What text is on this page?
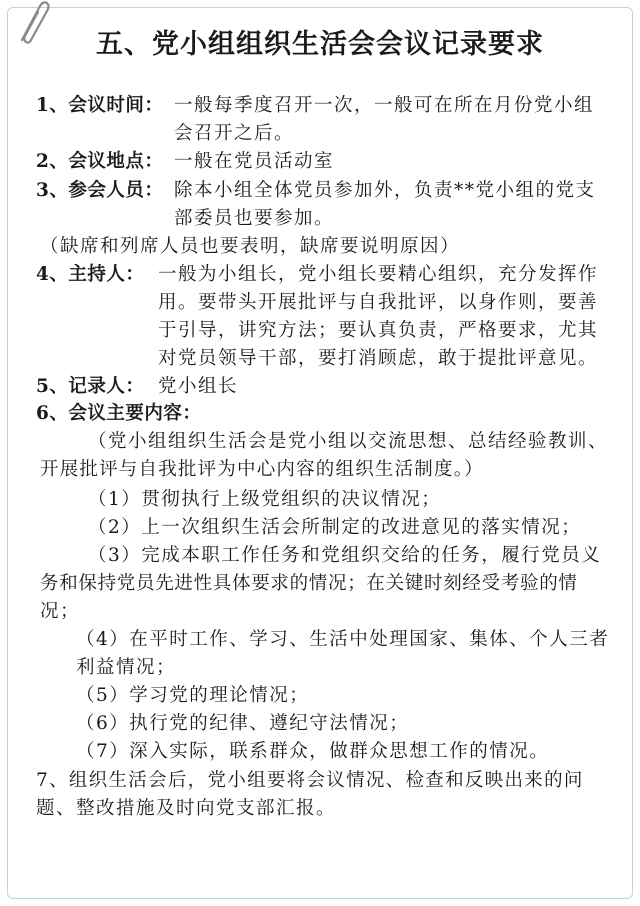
五、党小组组织生活会会议记录要求
1、会议时间： 一般每季度召开一次，一般可在所在月份党小组
会召开之后。
2、会议地点： 一般在党员活动室
3、参会人员： 除本小组全体党员参加外，负责**党小组的党支
部委员也要参加。
（缺席和列席人员也要表明，缺席要说明原因）
4、主持人： 一般为小组长，党小组长要精心组织，充分发挥作
用。要带头开展批评与自我批评，以身作则，要善
于引导，讲究方法；要认真负责，严格要求，尤其
对党员领导干部，要打消顾虑，敢于提批评意见。
5、记录人： 党小组长
6、会议主要内容：
（党小组组织生活会是党小组以交流思想、总结经验教训、
开展批评与自我批评为中心内容的组织生活制度。）
（1）贯彻执行上级党组织的决议情况；
（2）上一次组织生活会所制定的改进意见的落实情况；
（3）完成本职工作任务和党组织交给的任务，履行党员义
务和保持党员先进性具体要求的情况；在关键时刻经受考验的情
况；
（4）在平时工作、学习、生活中处理国家、集体、个人三者
利益情况；
（5）学习党的理论情况；
（6）执行党的纪律、遵纪守法情况；
（7）深入实际，联系群众，做群众思想工作的情况。
7、组织生活会后，党小组要将会议情况、检查和反映出来的问
题、整改措施及时向党支部汇报。
